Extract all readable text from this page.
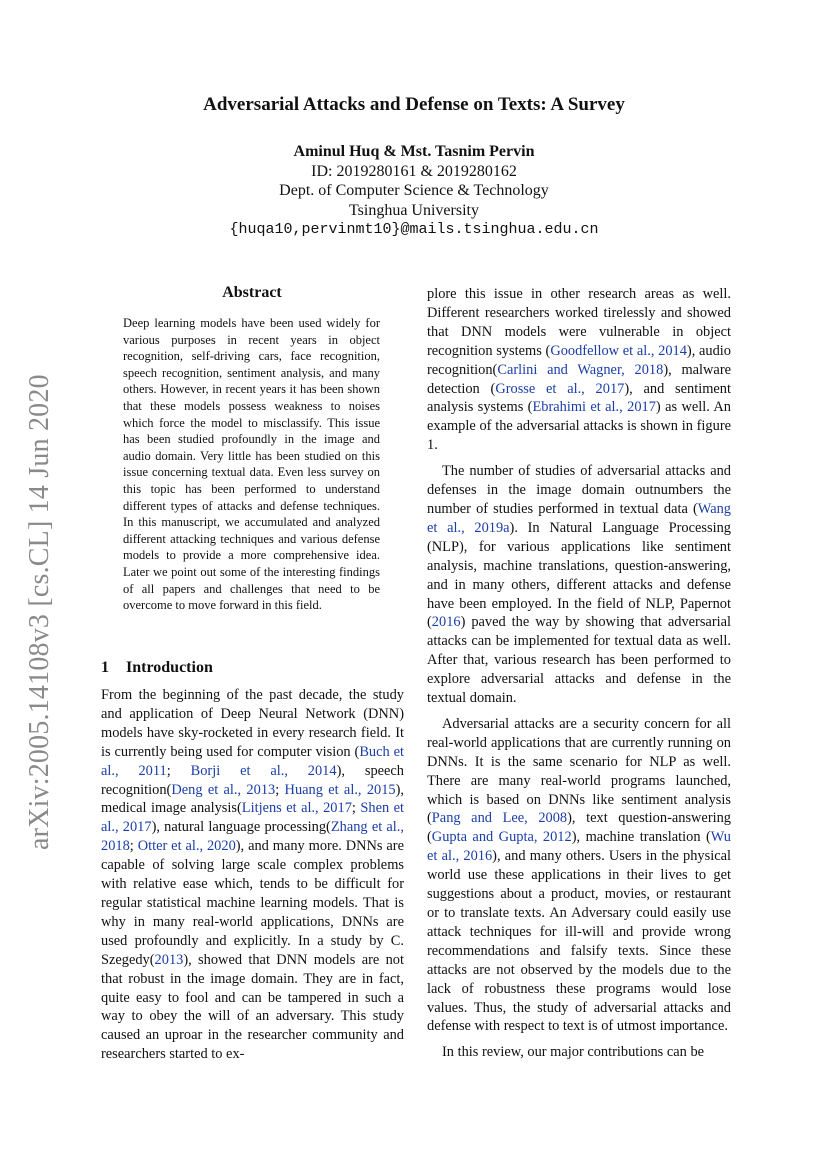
arXiv:2005.14108v3 [cs.CL] 14 Jun 2020
Adversarial Attacks and Defense on Texts: A Survey
Aminul Huq & Mst. Tasnim Pervin
ID: 2019280161 & 2019280162
Dept. of Computer Science & Technology
Tsinghua University
{huqa10,pervinmt10}@mails.tsinghua.edu.cn
Abstract

Deep learning models have been used widely for various purposes in recent years in object recognition, self-driving cars, face recognition, speech recognition, sentiment analysis, and many others. However, in recent years it has been shown that these models possess weakness to noises which force the model to misclassify. This issue has been studied profoundly in the image and audio domain. Very little has been studied on this issue concerning textual data. Even less survey on this topic has been performed to understand different types of attacks and defense techniques. In this manuscript, we accumulated and analyzed different attacking techniques and various defense models to provide a more comprehensive idea. Later we point out some of the interesting findings of all papers and challenges that need to be overcome to move forward in this field.

1 Introduction

From the beginning of the past decade, the study and application of Deep Neural Network (DNN) models have sky-rocketed in every research field. It is currently being used for computer vision (Buch et al., 2011; Borji et al., 2014), speech recognition(Deng et al., 2013; Huang et al., 2015), medical image analysis(Litjens et al., 2017; Shen et al., 2017), natural language processing(Zhang et al., 2018; Otter et al., 2020), and many more. DNNs are capable of solving large scale complex problems with relative ease which, tends to be difficult for regular statistical machine learning models. That is why in many real-world applications, DNNs are used profoundly and explicitly. In a study by C. Szegedy(2013), showed that DNN models are not that robust in the image domain. They are in fact, quite easy to fool and can be tampered in such a way to obey the will of an adversary. This study caused an uproar in the researcher community and researchers started to ex-

plore this issue in other research areas as well. Different researchers worked tirelessly and showed that DNN models were vulnerable in object recognition systems (Goodfellow et al., 2014), audio recognition(Carlini and Wagner, 2018), malware detection (Grosse et al., 2017), and sentiment analysis systems (Ebrahimi et al., 2017) as well. An example of the adversarial attacks is shown in figure 1.

The number of studies of adversarial attacks and defenses in the image domain outnumbers the number of studies performed in textual data (Wang et al., 2019a). In Natural Language Processing (NLP), for various applications like sentiment analysis, machine translations, question-answering, and in many others, different attacks and defense have been employed. In the field of NLP, Papernot (2016) paved the way by showing that adversarial attacks can be implemented for textual data as well. After that, various research has been performed to explore adversarial attacks and defense in the textual domain.

Adversarial attacks are a security concern for all real-world applications that are currently running on DNNs. It is the same scenario for NLP as well. There are many real-world programs launched, which is based on DNNs like sentiment analysis (Pang and Lee, 2008), text question-answering (Gupta and Gupta, 2012), machine translation (Wu et al., 2016), and many others. Users in the physical world use these applications in their lives to get suggestions about a product, movies, or restaurant or to translate texts. An Adversary could easily use attack techniques for ill-will and provide wrong recommendations and falsify texts. Since these attacks are not observed by the models due to the lack of robustness these programs would lose values. Thus, the study of adversarial attacks and defense with respect to text is of utmost importance.

In this review, our major contributions can be
